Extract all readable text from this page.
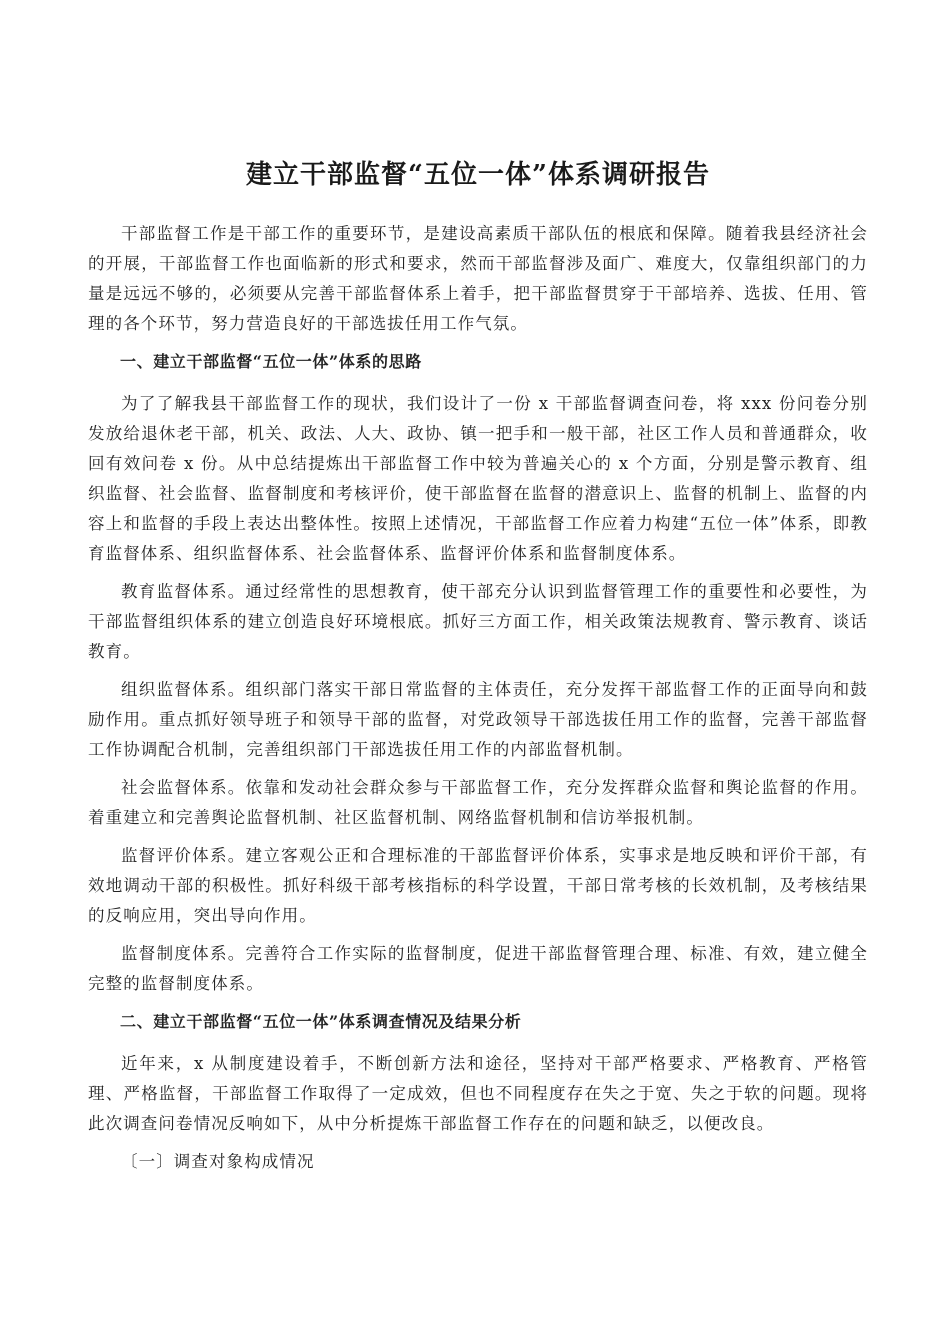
建立干部监督“五位一体”体系调研报告

干部监督工作是干部工作的重要环节，是建设高素质干部队伍的根底和保障。随着我县经济社会的开展，干部监督工作也面临新的形式和要求，然而干部监督涉及面广、难度大，仅靠组织部门的力量是远远不够的，必须要从完善干部监督体系上着手，把干部监督贯穿于干部培养、选拔、任用、管理的各个环节，努力营造良好的干部选拔任用工作气氛。

一、建立干部监督“五位一体”体系的思路

为了了解我县干部监督工作的现状，我们设计了一份 x 干部监督调查问卷，将 xxx 份问卷分别发放给退休老干部，机关、政法、人大、政协、镇一把手和一般干部，社区工作人员和普通群众，收回有效问卷 x 份。从中总结提炼出干部监督工作中较为普遍关心的 x 个方面，分别是警示教育、组织监督、社会监督、监督制度和考核评价，使干部监督在监督的潜意识上、监督的机制上、监督的内容上和监督的手段上表达出整体性。按照上述情况，干部监督工作应着力构建“五位一体”体系，即教育监督体系、组织监督体系、社会监督体系、监督评价体系和监督制度体系。

教育监督体系。通过经常性的思想教育，使干部充分认识到监督管理工作的重要性和必要性，为干部监督组织体系的建立创造良好环境根底。抓好三方面工作，相关政策法规教育、警示教育、谈话教育。

组织监督体系。组织部门落实干部日常监督的主体责任，充分发挥干部监督工作的正面导向和鼓励作用。重点抓好领导班子和领导干部的监督，对党政领导干部选拔任用工作的监督，完善干部监督工作协调配合机制，完善组织部门干部选拔任用工作的内部监督机制。

社会监督体系。依靠和发动社会群众参与干部监督工作，充分发挥群众监督和舆论监督的作用。着重建立和完善舆论监督机制、社区监督机制、网络监督机制和信访举报机制。

监督评价体系。建立客观公正和合理标准的干部监督评价体系，实事求是地反映和评价干部，有效地调动干部的积极性。抓好科级干部考核指标的科学设置，干部日常考核的长效机制，及考核结果的反响应用，突出导向作用。

监督制度体系。完善符合工作实际的监督制度，促进干部监督管理合理、标准、有效，建立健全完整的监督制度体系。

二、建立干部监督“五位一体”体系调查情况及结果分析

近年来，x 从制度建设着手，不断创新方法和途径，坚持对干部严格要求、严格教育、严格管理、严格监督，干部监督工作取得了一定成效，但也不同程度存在失之于宽、失之于软的问题。现将此次调查问卷情况反响如下，从中分析提炼干部监督工作存在的问题和缺乏，以便改良。

〔一〕调查对象构成情况
